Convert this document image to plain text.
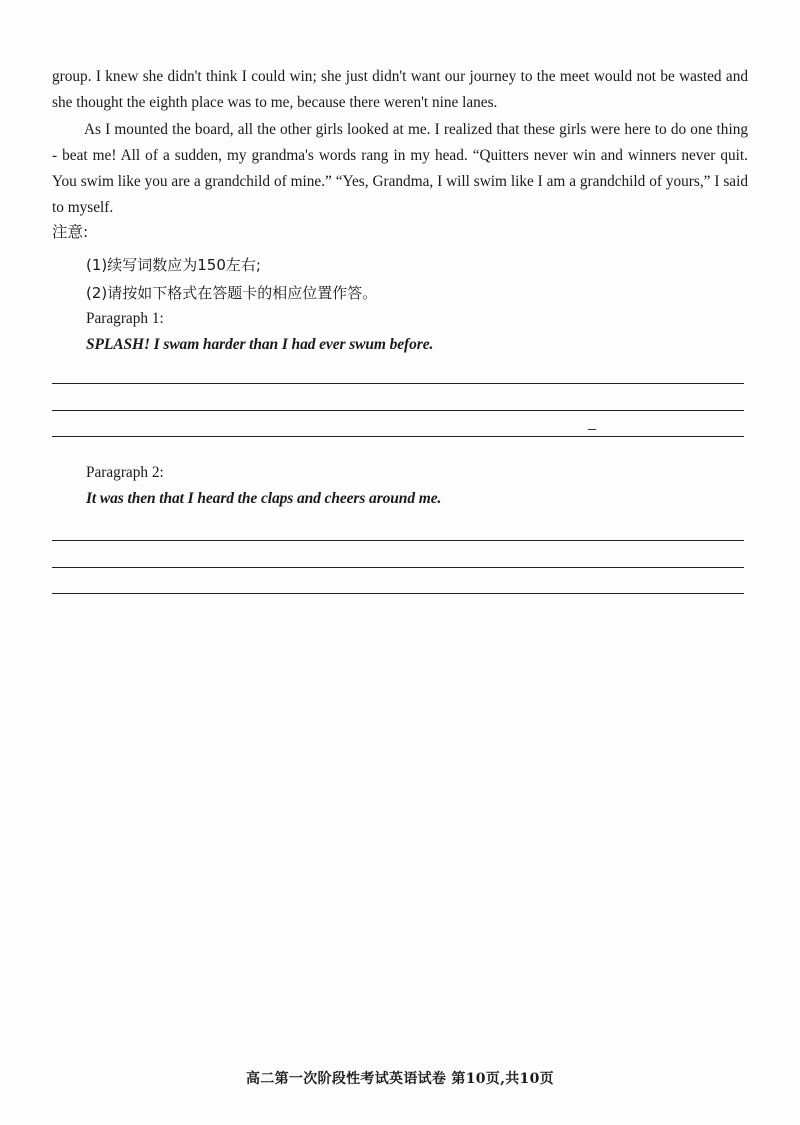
group. I knew she didn't think I could win; she just didn't want our journey to the meet would not be wasted and she thought the eighth place was to me, because there weren't nine lanes.

As I mounted the board, all the other girls looked at me. I realized that these girls were here to do one thing - beat me! All of a sudden, my grandma's words rang in my head. “Quitters never win and winners never quit. You swim like you are a grandchild of mine.” “Yes, Grandma, I will swim like I am a grandchild of yours,” I said to myself.

注意:
(1)续写词数应为150左右;
(2)请按如下格式在答题卡的相应位置作答。
Paragraph 1:
SPLASH! I swam harder than I had ever swum before.
Paragraph 2:
It was then that I heard the claps and cheers around me.
高二第一次阶段性考试英语试卷 第10页,共10页
